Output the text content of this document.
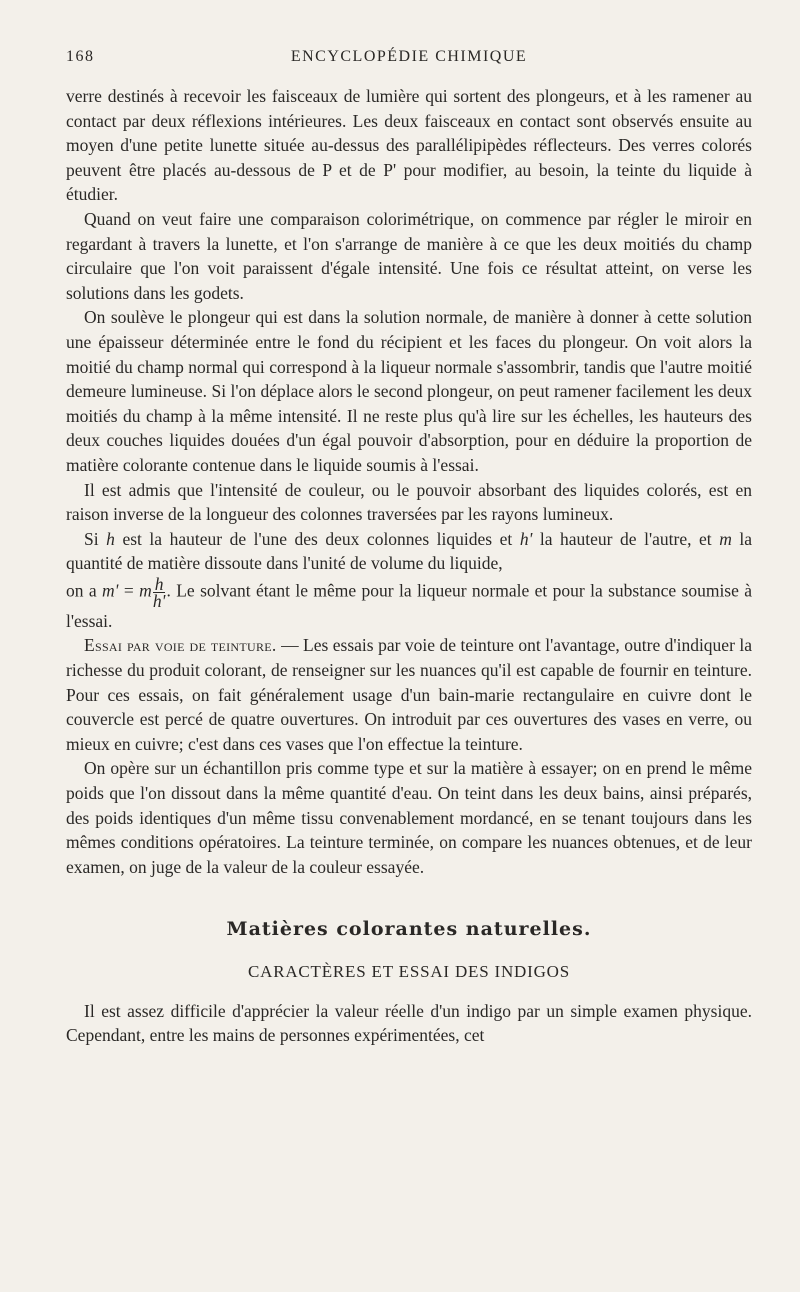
168	ENCYCLOPÉDIE CHIMIQUE

verre destinés à recevoir les faisceaux de lumière qui sortent des plongeurs, et à les ramener au contact par deux réflexions intérieures. Les deux faisceaux en contact sont observés ensuite au moyen d'une petite lunette située au-dessus des parallélipipèdes réflecteurs. Des verres colorés peuvent être placés au-dessous de P et de P' pour modifier, au besoin, la teinte du liquide à étudier.

Quand on veut faire une comparaison colorimétrique, on commence par régler le miroir en regardant à travers la lunette, et l'on s'arrange de manière à ce que les deux moitiés du champ circulaire que l'on voit paraissent d'égale intensité. Une fois ce résultat atteint, on verse les solutions dans les godets.

On soulève le plongeur qui est dans la solution normale, de manière à donner à cette solution une épaisseur déterminée entre le fond du récipient et les faces du plongeur. On voit alors la moitié du champ normal qui correspond à la liqueur normale s'assombrir, tandis que l'autre moitié demeure lumineuse. Si l'on déplace alors le second plongeur, on peut ramener facilement les deux moitiés du champ à la même intensité. Il ne reste plus qu'à lire sur les échelles, les hauteurs des deux couches liquides douées d'un égal pouvoir d'absorption, pour en déduire la proportion de matière colorante contenue dans le liquide soumis à l'essai.

Il est admis que l'intensité de couleur, ou le pouvoir absorbant des liquides colorés, est en raison inverse de la longueur des colonnes traversées par les rayons lumineux.

Si h est la hauteur de l'une des deux colonnes liquides et h' la hauteur de l'autre, et m la quantité de matière dissoute dans l'unité de volume du liquide,

on a m' = m $\frac{h}{h'}$ . Le solvant étant le même pour la liqueur normale et pour la substance soumise à l'essai.

Essai par voie de teinture. — Les essais par voie de teinture ont l'avantage, outre d'indiquer la richesse du produit colorant, de renseigner sur les nuances qu'il est capable de fournir en teinture. Pour ces essais, on fait généralement usage d'un bain-marie rectangulaire en cuivre dont le couvercle est percé de quatre ouvertures. On introduit par ces ouvertures des vases en verre, ou mieux en cuivre; c'est dans ces vases que l'on effectue la teinture.

On opère sur un échantillon pris comme type et sur la matière à essayer; on en prend le même poids que l'on dissout dans la même quantité d'eau. On teint dans les deux bains, ainsi préparés, des poids identiques d'un même tissu convenablement mordancé, en se tenant toujours dans les mêmes conditions opératoires. La teinture terminée, on compare les nuances obtenues, et de leur examen, on juge de la valeur de la couleur essayée.

Matières colorantes naturelles.
CARACTÈRES ET ESSAI DES INDIGOS

Il est assez difficile d'apprécier la valeur réelle d'un indigo par un simple examen physique. Cependant, entre les mains de personnes expérimentées, cet
